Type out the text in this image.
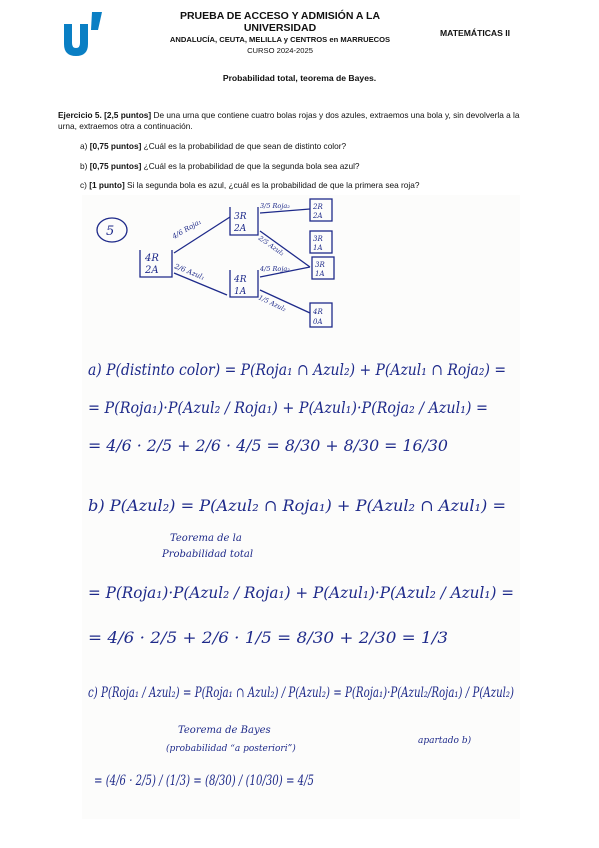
PRUEBA DE ACCESO Y ADMISIÓN A LA
UNIVERSIDAD
ANDALUCÍA, CEUTA, MELILLA y CENTROS en MARRUECOS
CURSO 2024-2025
MATEMÁTICAS II
Probabilidad total, teorema de Bayes.
Ejercicio 5. [2,5 puntos] De una urna que contiene cuatro bolas rojas y dos azules, extraemos una bola y, sin devolverla a la urna, extraemos otra a continuación.
a) [0,75 puntos] ¿Cuál es la probabilidad de que sean de distinto color?
b) [0,75 puntos] ¿Cuál es la probabilidad de que la segunda bola sea azul?
c) [1 punto] Si la segunda bola es azul, ¿cuál es la probabilidad de que la primera sea roja?
5
4R
2A
3R
2A
4R
1A
2R
2A
3R
1A
3R
1A
4R
0A
4/6 Roja₁
2/6 Azul₁
3/5 Roja₂
2/5 Azul₂
4/5 Roja₂
1/5 Azul₂
a) P(distinto color) = P(Roja₁ ∩ Azul₂) + P(Azul₁ ∩ Roja₂) =
= P(Roja₁)·P(Azul₂ / Roja₁) + P(Azul₁)·P(Roja₂ / Azul₁) =
= 4/6 · 2/5 + 2/6 · 4/5 = 8/30 + 8/30 = 16/30
b) P(Azul₂) = P(Azul₂ ∩ Roja₁) + P(Azul₂ ∩ Azul₁) =
Teorema de la
Probabilidad total
= P(Roja₁)·P(Azul₂ / Roja₁) + P(Azul₁)·P(Azul₂ / Azul₁) =
= 4/6 · 2/5 + 2/6 · 1/5 = 8/30 + 2/30 = 1/3
c) P(Roja₁ / Azul₂) = P(Roja₁ ∩ Azul₂) / P(Azul₂) = P(Roja₁)·P(Azul₂/Roja₁) / P(Azul₂)
Teorema de Bayes
(probabilidad “a posteriori”)
apartado b)
= (4/6 · 2/5) / (1/3) = (8/30) / (10/30) = 4/5
